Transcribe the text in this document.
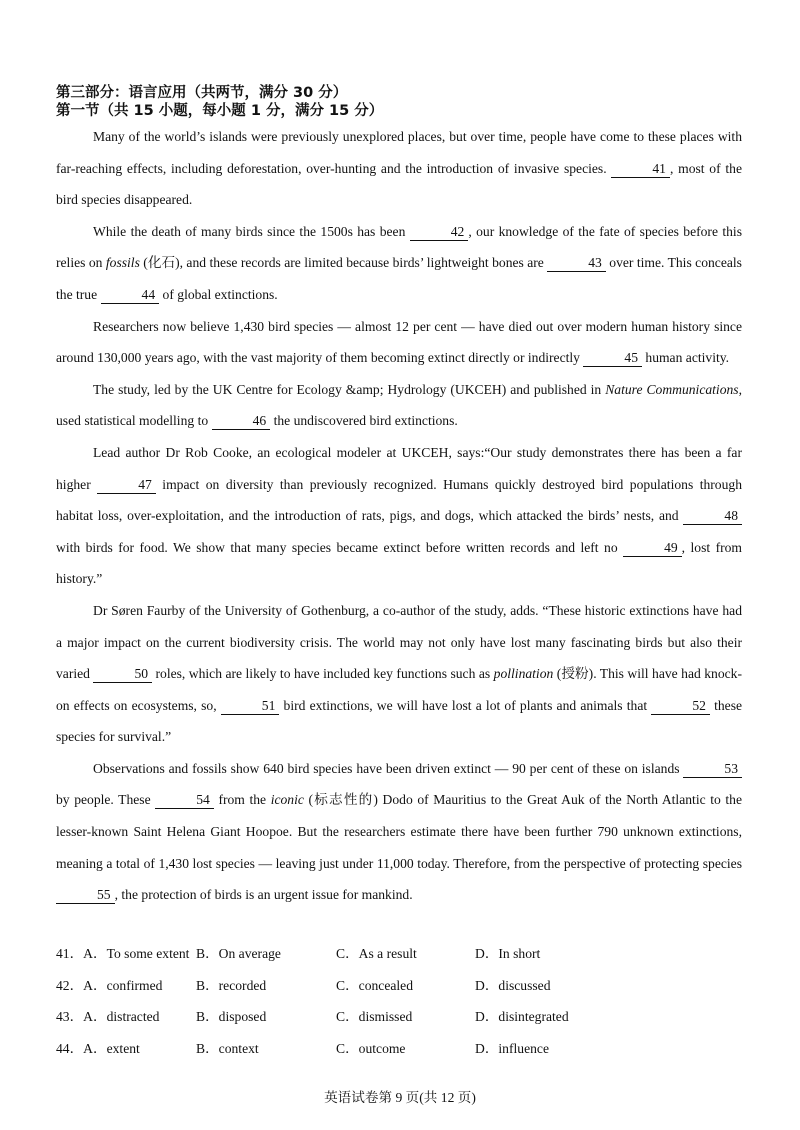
第三部分：语言应用（共两节，满分 30 分）
第一节（共 15 小题，每小题 1 分，满分 15 分）

Many of the world’s islands were previously unexplored places, but over time, people have come to these places with far-reaching effects, including deforestation, over-hunting and the introduction of invasive species.	41 , most of the bird species disappeared.

While the death of many birds since the 1500s has been	42 , our knowledge of the fate of species before this relies on fossils (化石), and these records are limited because birds’ lightweight bones are	43 over time. This conceals the true	44 of global extinctions.

Researchers now believe 1,430 bird species — almost 12 per cent — have died out over modern human history since around 130,000 years ago, with the vast majority of them becoming extinct directly or indirectly	45 human activity.

The study, led by the UK Centre for Ecology &amp; Hydrology (UKCEH) and published in Nature Communications, used statistical modelling to	46 the undiscovered bird extinctions.

Lead author Dr Rob Cooke, an ecological modeler at UKCEH, says:“Our study demonstrates there has been a far higher	47 impact on diversity than previously recognized. Humans quickly destroyed bird populations through habitat loss, over-exploitation, and the introduction of rats, pigs, and dogs, which attacked the birds’ nests, and	48 with birds for food. We show that many species became extinct before written records and left no	49 , lost from history.”

Dr Søren Faurby of the University of Gothenburg, a co-author of the study, adds. “These historic extinctions have had a major impact on the current biodiversity crisis. The world may not only have lost many fascinating birds but also their varied	50 roles, which are likely to have included key functions such as pollination (授粉). This will have had knock-on effects on ecosystems, so,	51 bird extinctions, we will have lost a lot of plants and animals that	52 these species for survival.”

Observations and fossils show 640 bird species have been driven extinct — 90 per cent of these on islands	53 by people. These	54 from the iconic (标志性的) Dodo of Mauritius to the Great Auk of the North Atlantic to the lesser-known Saint Helena Giant Hoopoe. But the researchers estimate there have been further 790 unknown extinctions, meaning a total of 1,430 lost species — leaving just under 11,000 today. Therefore, from the perspective of protecting species 55 , the protection of birds is an urgent issue for mankind.

41．A．To some extent B．On average	C．As a result	D．In short
42．A．confirmed B．recorded	C．concealed	D．discussed
43．A．distracted	B．disposed	C．dismissed	D．disintegrated
44．A．extent	B．context	C．outcome	D．influence
英语试卷第 9 页(共 12 页)
